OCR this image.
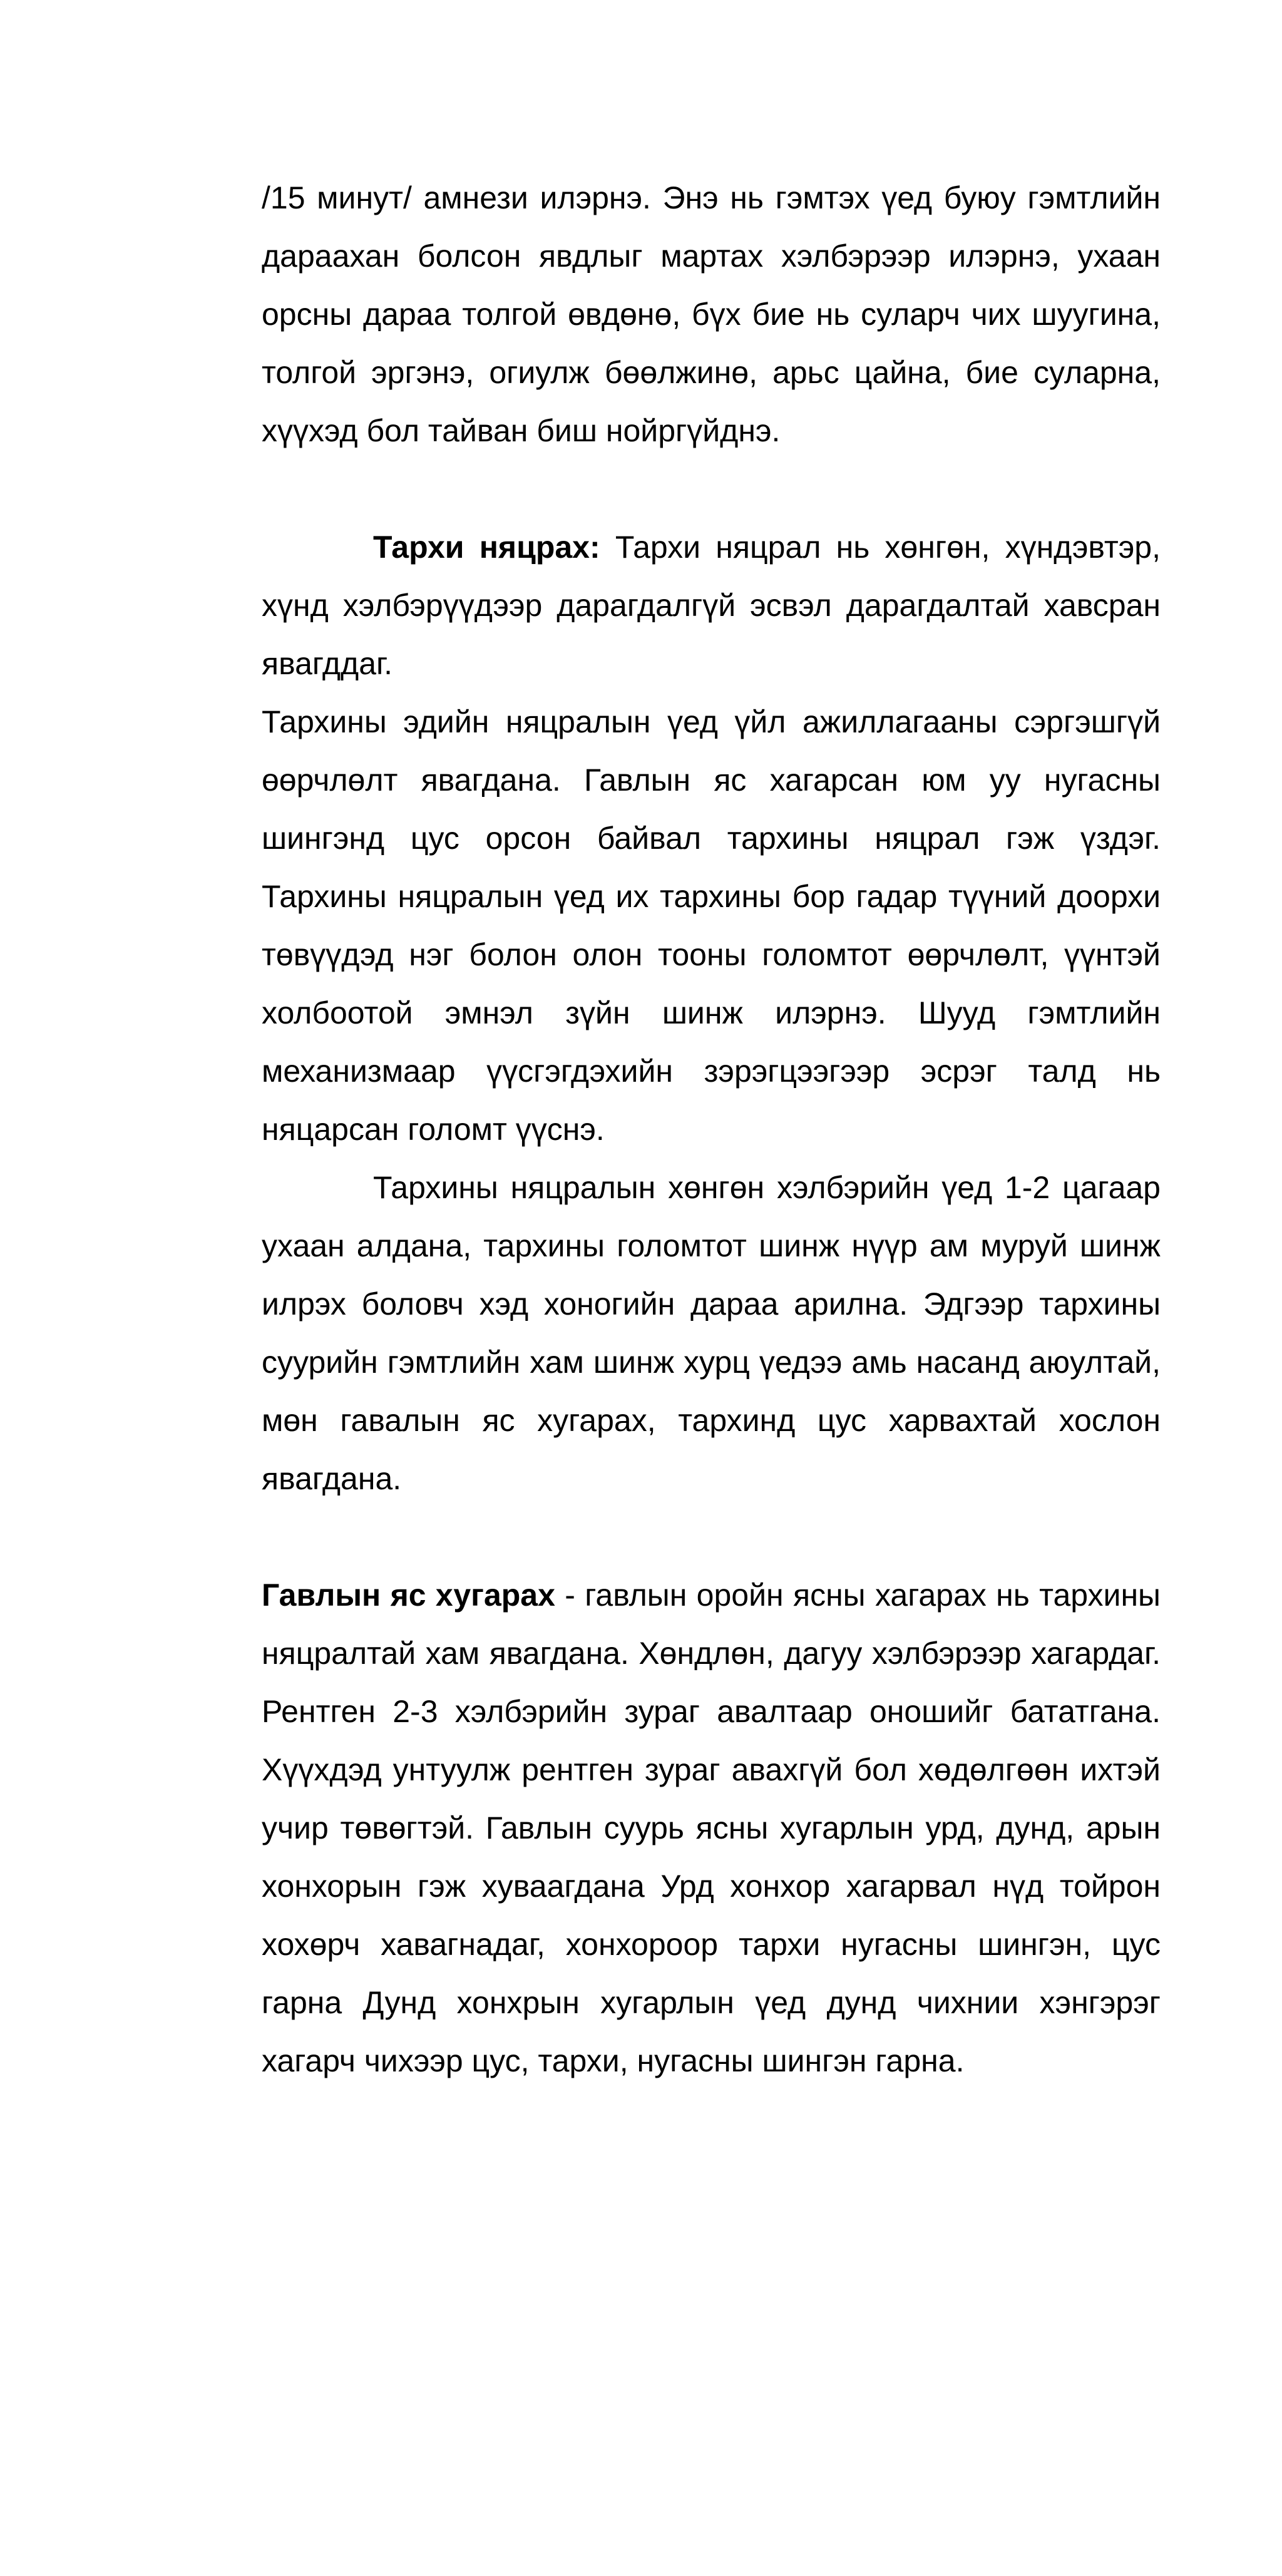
/15 минут/ амнези илэрнэ. Энэ нь гэмтэх үед буюу гэмтлийн дараахан болсон явдлыг мартах хэлбэрээр илэрнэ, ухаан орсны дараа толгой өвдөнө, бүх бие нь суларч чих шуугина, толгой эргэнэ, огиулж бөөлжинө, арьс цайна, бие суларна, хүүхэд бол тайван биш нойргүйднэ.

Тархи няцрах: Тархи няцрал нь хөнгөн, хүндэвтэр, хүнд хэлбэрүүдээр дарагдалгүй эсвэл дарагдалтай хавсран явагддаг.

Тархины эдийн няцралын үед үйл ажиллагааны сэргэшгүй өөрчлөлт явагдана. Гавлын яс хагарсан юм уу нугасны шингэнд цус орсон байвал тархины няцрал гэж үздэг. Тархины няцралын үед их тархины бор гадар түүний доорхи төвүүдэд нэг болон олон тооны голомтот өөрчлөлт, үүнтэй холбоотой эмнэл зүйн шинж илэрнэ. Шууд гэмтлийн механизмаар үүсгэгдэхийн зэрэгцээгээр эсрэг талд нь няцарсан голомт үүснэ.

Тархины няцралын хөнгөн хэлбэрийн үед 1-2 цагаар ухаан алдана, тархины голомтот шинж нүүр ам муруй шинж илрэх боловч хэд хоногийн дараа арилна. Эдгээр тархины суурийн гэмтлийн хам шинж хурц үедээ амь насанд аюултай, мөн гавалын яс хугарах, тархинд цус харвахтай хослон явагдана.

Гавлын яс хугарах - гавлын оройн ясны хагарах нь тархины няцралтай хам явагдана. Хөндлөн, дагуу хэлбэрээр хагардаг. Рентген 2-3 хэлбэрийн зураг авалтаар оношийг бататгана. Хүүхдэд унтуулж рентген зураг авахгүй бол хөдөлгөөн ихтэй учир төвөгтэй. Гавлын суурь ясны хугарлын урд, дунд, арын хонхорын гэж хуваагдана Урд хонхор хагарвал нүд тойрон хохөрч хавагнадаг, хонхороор тархи нугасны шингэн, цус гарна Дунд хонхрын хугарлын үед дунд чихнии хэнгэрэг хагарч чихээр цус, тархи, нугасны шингэн гарна.
